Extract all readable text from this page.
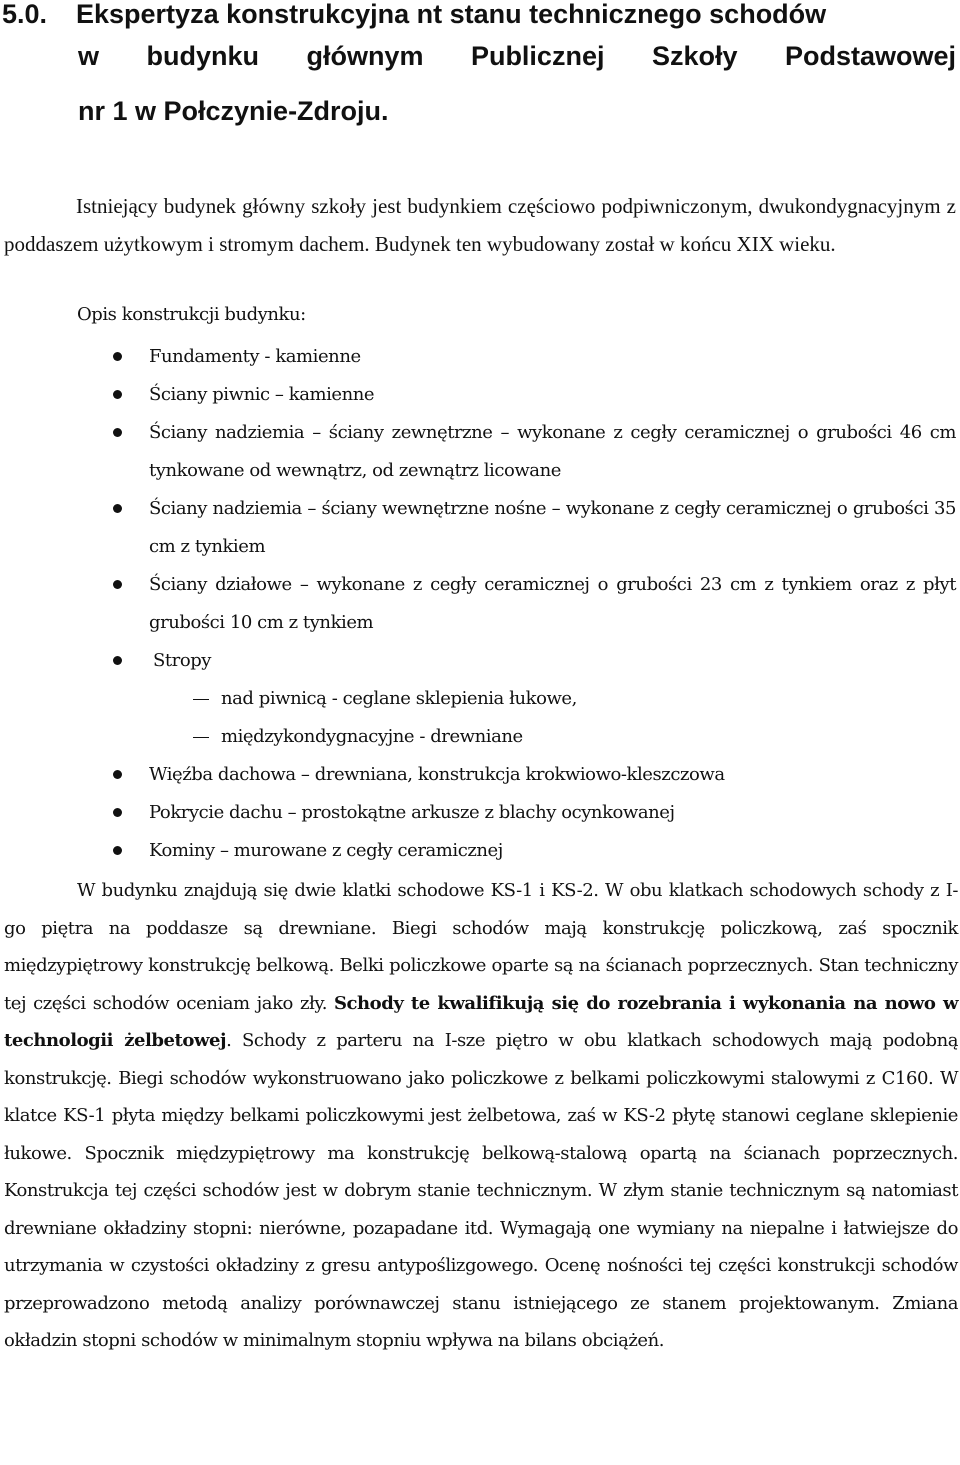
5.0. Ekspertyza konstrukcyjna nt stanu technicznego schodów
w budynku głównym Publicznej Szkoły Podstawowej
nr 1 w Połczynie-Zdroju.

Istniejący budynek główny szkoły jest budynkiem częściowo podpiwniczonym, dwukondygnacyjnym z poddaszem użytkowym i stromym dachem. Budynek ten wybudowany został w końcu XIX wieku.

Opis konstrukcji budynku:

Fundamenty - kamienne
Ściany piwnic – kamienne
Ściany nadziemia – ściany zewnętrzne – wykonane z cegły ceramicznej o grubości 46 cm tynkowane od wewnątrz, od zewnątrz licowane
Ściany nadziemia – ściany wewnętrzne nośne – wykonane z cegły ceramicznej o grubości 35 cm z tynkiem
Ściany działowe – wykonane z cegły ceramicznej o grubości 23 cm z tynkiem oraz z płyt grubości 10 cm z tynkiem
Stropy
nad piwnicą - ceglane sklepienia łukowe,
międzykondygnacyjne - drewniane
Więźba dachowa – drewniana, konstrukcja krokwiowo-kleszczowa
Pokrycie dachu – prostokątne arkusze z blachy ocynkowanej
Kominy – murowane z cegły ceramicznej

W budynku znajdują się dwie klatki schodowe KS-1 i KS-2. W obu klatkach schodowych schody z I-go piętra na poddasze są drewniane. Biegi schodów mają konstrukcję policzkową, zaś spocznik międzypiętrowy konstrukcję belkową. Belki policzkowe oparte są na ścianach poprzecznych. Stan techniczny tej części schodów oceniam jako zły. Schody te kwalifikują się do rozebrania i wykonania na nowo w technologii żelbetowej. Schody z parteru na I-sze piętro w obu klatkach schodowych mają podobną konstrukcję. Biegi schodów wykonstruowano jako policzkowe z belkami policzkowymi stalowymi z C160. W klatce KS-1 płyta między belkami policzkowymi jest żelbetowa, zaś w KS-2 płytę stanowi ceglane sklepienie łukowe. Spocznik międzypiętrowy ma konstrukcję belkową-stalową opartą na ścianach poprzecznych. Konstrukcja tej części schodów jest w dobrym stanie technicznym. W złym stanie technicznym są natomiast drewniane okładziny stopni: nierówne, pozapadane itd. Wymagają one wymiany na niepalne i łatwiejsze do utrzymania w czystości okładziny z gresu antypoślizgowego. Ocenę nośności tej części konstrukcji schodów przeprowadzono metodą analizy porównawczej stanu istniejącego ze stanem projektowanym. Zmiana okładzin stopni schodów w minimalnym stopniu wpływa na bilans obciążeń.
